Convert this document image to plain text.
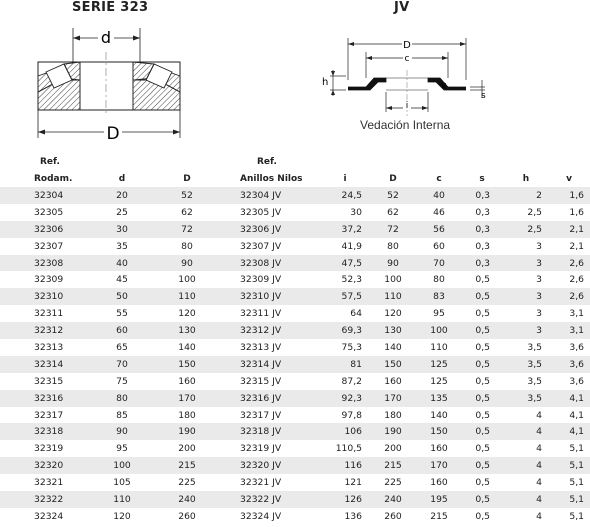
SERIE 323	JV
d
D
D
c
h	v
s
i
Vedación Interna
Ref.	Ref.
Rodam.	d	D	Anillos Nilos	i	D	c	s	h	v
32304	20	52	32304 JV	24,5	52	40	0,3	2	1,6
32305	25	62	32305 JV	30	62	46	0,3	2,5	1,6
32306	30	72	32306 JV	37,2	72	56	0,3	2,5	2,1
32307	35	80	32307 JV	41,9	80	60	0,3	3	2,1
32308	40	90	32308 JV	47,5	90	70	0,3	3	2,6
32309	45	100	32309 JV	52,3	100	80	0,5	3	2,6
32310	50	110	32310 JV	57,5	110	83	0,5	3	2,6
32311	55	120	32311 JV	64	120	95	0,5	3	3,1
32312	60	130	32312 JV	69,3	130	100	0,5	3	3,1
32313	65	140	32313 JV	75,3	140	110	0,5	3,5	3,6
32314	70	150	32314 JV	81	150	125	0,5	3,5	3,6
32315	75	160	32315 JV	87,2	160	125	0,5	3,5	3,6
32316	80	170	32316 JV	92,3	170	135	0,5	3,5	4,1
32317	85	180	32317 JV	97,8	180	140	0,5	4	4,1
32318	90	190	32318 JV	106	190	150	0,5	4	4,1
32319	95	200	32319 JV	110,5	200	160	0,5	4	5,1
32320	100	215	32320 JV	116	215	170	0,5	4	5,1
32321	105	225	32321 JV	121	225	160	0,5	4	5,1
32322	110	240	32322 JV	126	240	195	0,5	4	5,1
32324	120	260	32324 JV	136	260	215	0,5	4	5,1
